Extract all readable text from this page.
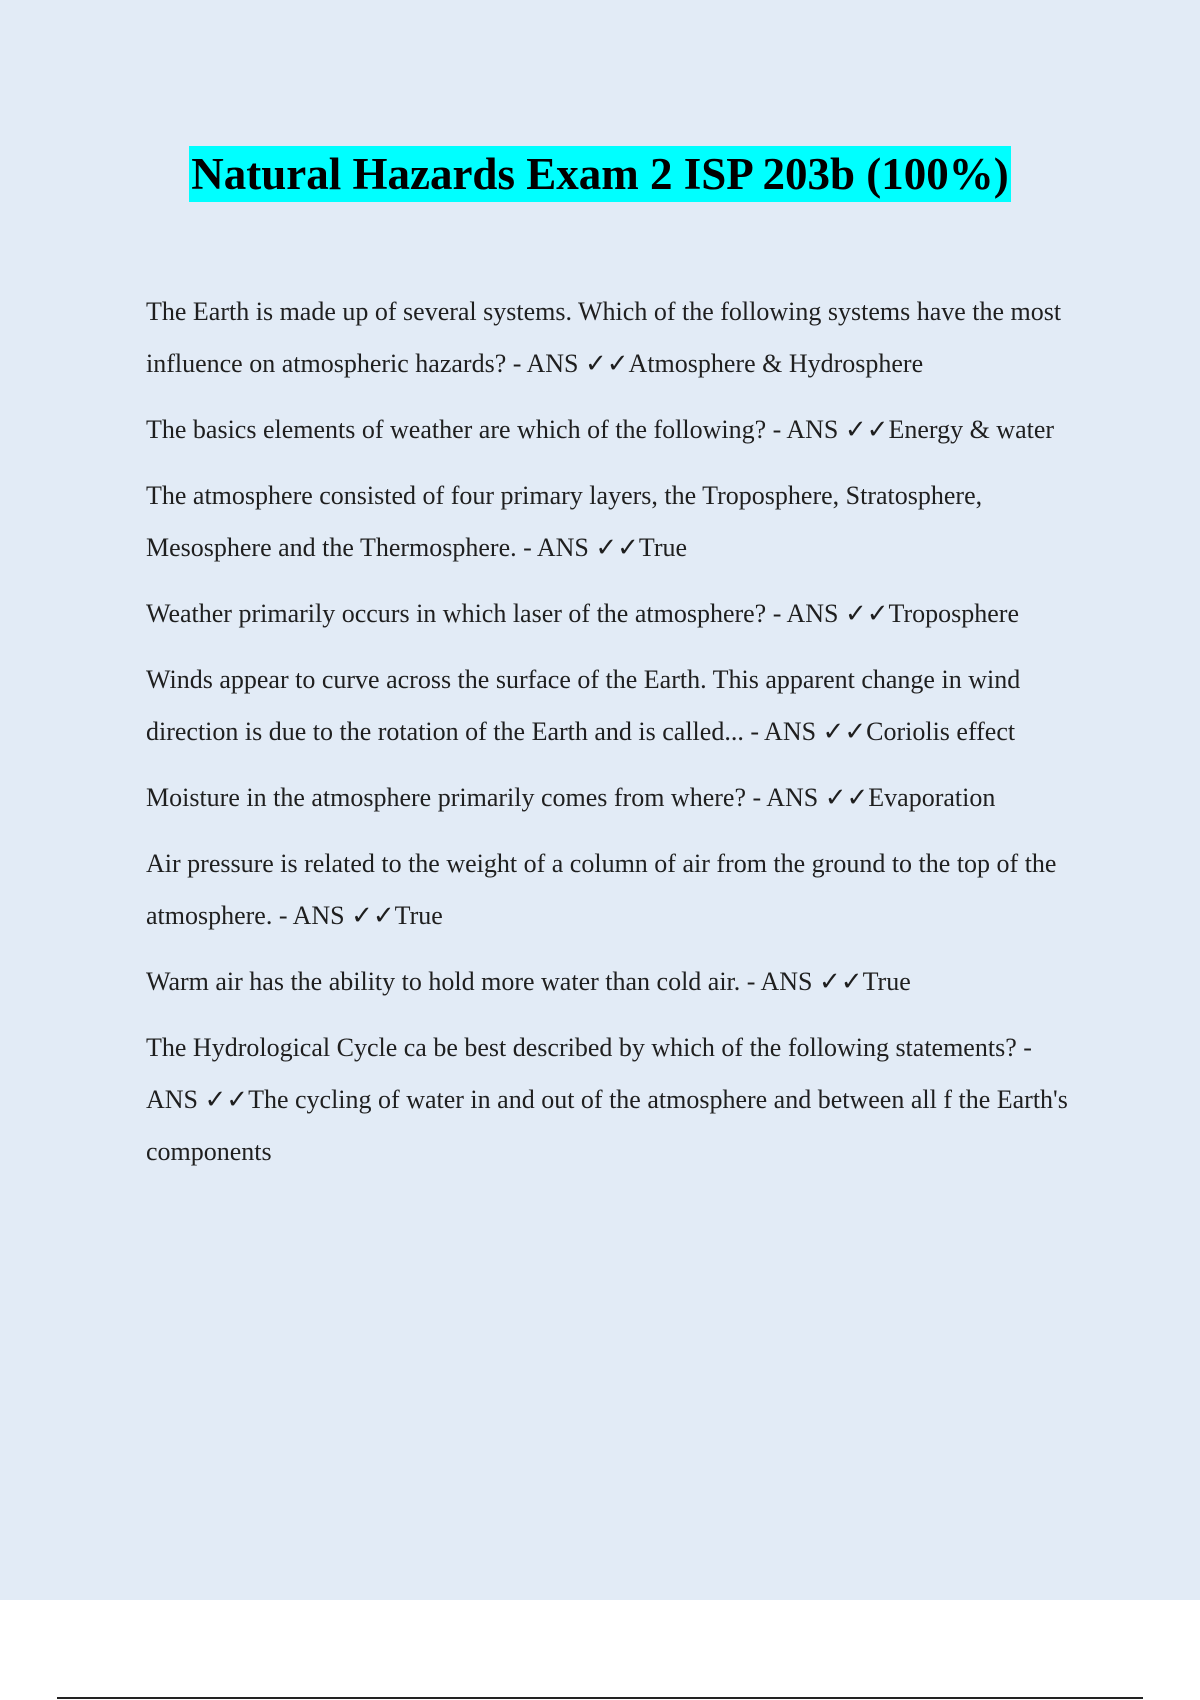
Natural Hazards Exam 2 ISP 203b (100%)

The Earth is made up of several systems. Which of the following systems have the most influence on atmospheric hazards? - ANS ✓✓Atmosphere & Hydrosphere

The basics elements of weather are which of the following? - ANS ✓✓Energy & water

The atmosphere consisted of four primary layers, the Troposphere, Stratosphere, Mesosphere and the Thermosphere. - ANS ✓✓True

Weather primarily occurs in which laser of the atmosphere? - ANS ✓✓Troposphere

Winds appear to curve across the surface of the Earth. This apparent change in wind direction is due to the rotation of the Earth and is called... - ANS ✓✓Coriolis effect

Moisture in the atmosphere primarily comes from where? - ANS ✓✓Evaporation

Air pressure is related to the weight of a column of air from the ground to the top of the atmosphere. - ANS ✓✓True

Warm air has the ability to hold more water than cold air. - ANS ✓✓True

The Hydrological Cycle ca be best described by which of the following statements? - ANS ✓✓The cycling of water in and out of the atmosphere and between all f the Earth's components
